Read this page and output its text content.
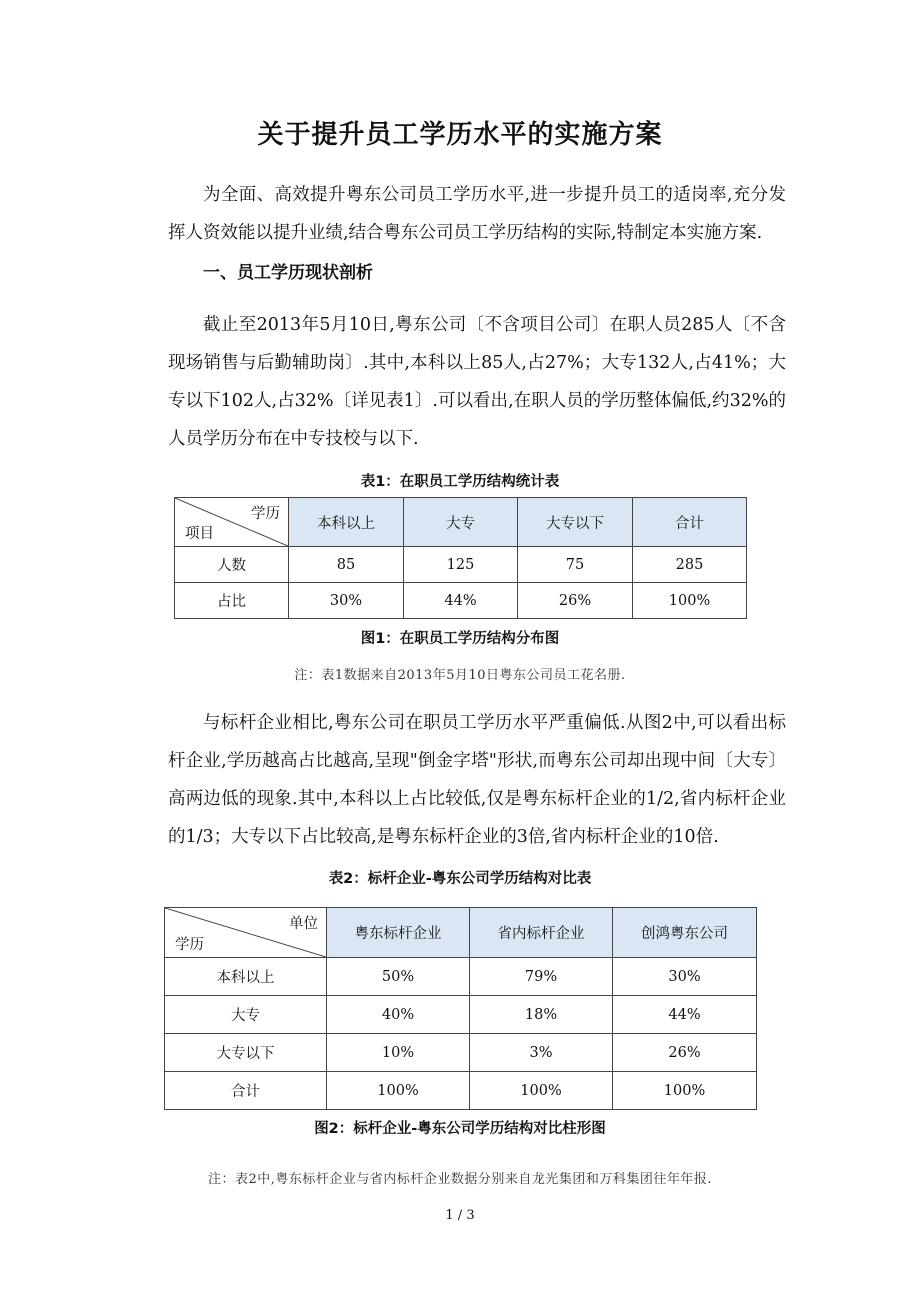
关于提升员工学历水平的实施方案
为全面、高效提升粤东公司员工学历水平,进一步提升员工的适岗率,充分发挥人资效能以提升业绩,结合粤东公司员工学历结构的实际,特制定本实施方案.
一、员工学历现状剖析
截止至2013年5月10日,粤东公司〔不含项目公司〕在职人员285人〔不含现场销售与后勤辅助岗〕.其中,本科以上85人,占27%；大专132人,占41%；大专以下102人,占32%〔详见表1〕.可以看出,在职人员的学历整体偏低,约32%的人员学历分布在中专技校与以下.
表1：在职员工学历结构统计表
学历
项目	本科以上	大专	大专以下	合计
人数	85	125	75	285
占比	30%	44%	26%	100%
图1：在职员工学历结构分布图
注：表1数据来自2013年5月10日粤东公司员工花名册.
与标杆企业相比,粤东公司在职员工学历水平严重偏低.从图2中,可以看出标杆企业,学历越高占比越高,呈现"倒金字塔"形状,而粤东公司却出现中间〔大专〕高两边低的现象.其中,本科以上占比较低,仅是粤东标杆企业的1/2,省内标杆企业的1/3；大专以下占比较高,是粤东标杆企业的3倍,省内标杆企业的10倍.
表2：标杆企业-粤东公司学历结构对比表
单位
学历	粤东标杆企业	省内标杆企业	创鸿粤东公司
本科以上	50%	79%	30%
大专	40%	18%	44%
大专以下	10%	3%	26%
合计	100%	100%	100%
图2：标杆企业-粤东公司学历结构对比柱形图
注：表2中,粤东标杆企业与省内标杆企业数据分别来自龙光集团和万科集团往年年报.
1 / 3
